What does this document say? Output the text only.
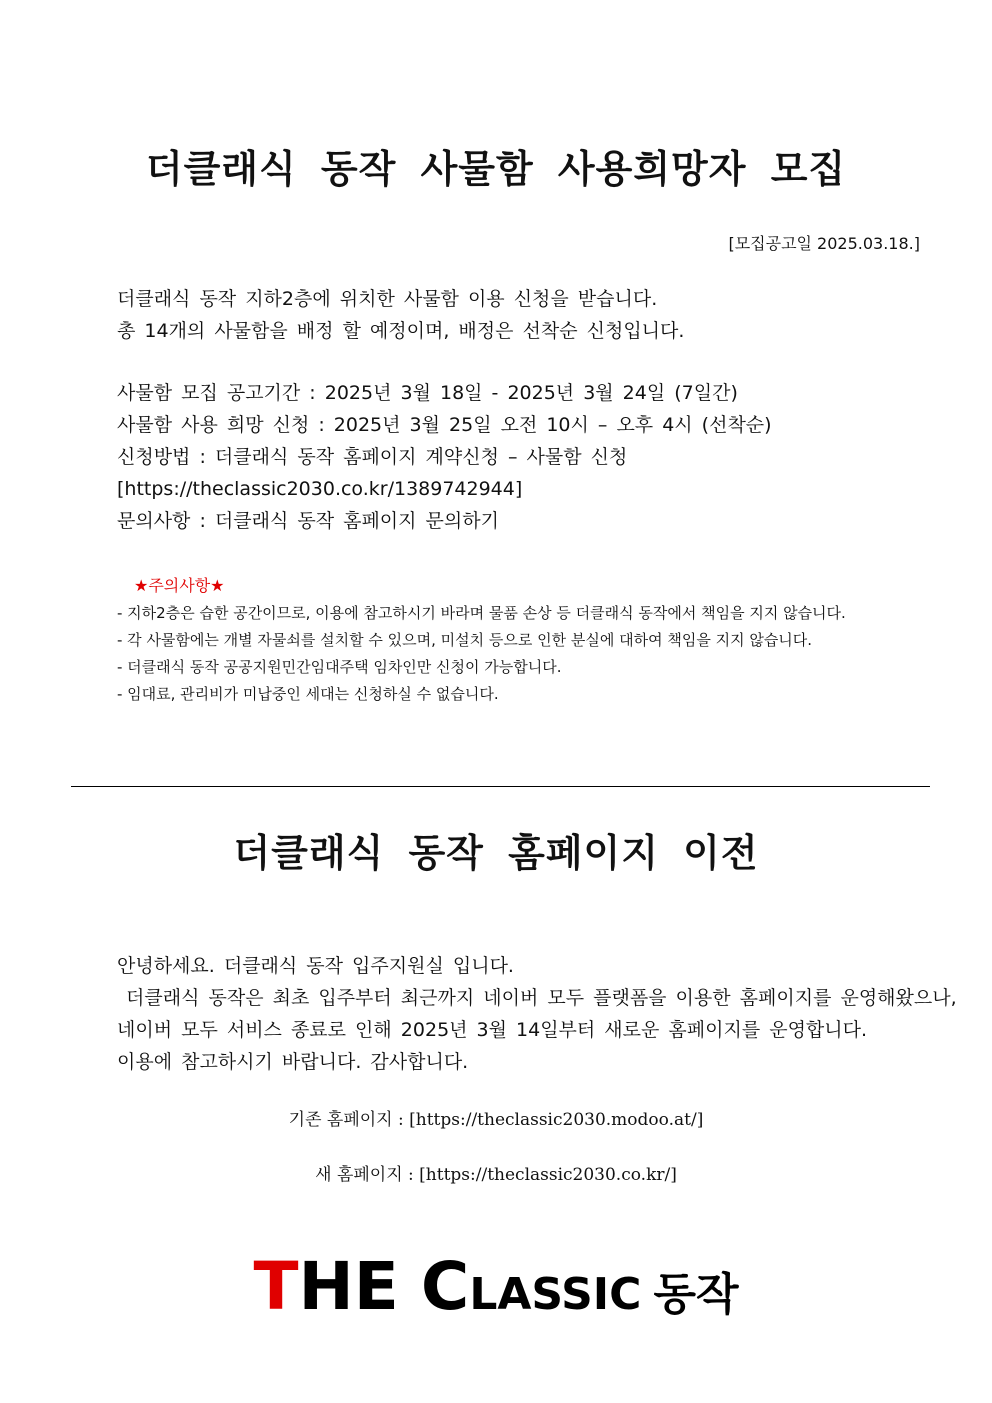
더클래식 동작 사물함 사용희망자 모집
[모집공고일 2025.03.18.]
더클래식 동작 지하2층에 위치한 사물함 이용 신청을 받습니다.
총 14개의 사물함을 배정 할 예정이며, 배정은 선착순 신청입니다.
사물함 모집 공고기간 : 2025년 3월 18일 - 2025년 3월 24일 (7일간)
사물함 사용 희망 신청 : 2025년 3월 25일 오전 10시 – 오후 4시 (선착순)
신청방법 : 더클래식 동작 홈페이지 계약신청 – 사물함 신청
[https://theclassic2030.co.kr/1389742944]
문의사항 : 더클래식 동작 홈페이지 문의하기
★주의사항★
- 지하2층은 습한 공간이므로, 이용에 참고하시기 바라며 물품 손상 등 더클래식 동작에서 책임을 지지 않습니다.
- 각 사물함에는 개별 자물쇠를 설치할 수 있으며, 미설치 등으로 인한 분실에 대하여 책임을 지지 않습니다.
- 더클래식 동작 공공지원민간임대주택 임차인만 신청이 가능합니다.
- 임대료, 관리비가 미납중인 세대는 신청하실 수 없습니다.
더클래식 동작 홈페이지 이전
안녕하세요. 더클래식 동작 입주지원실 입니다.
더클래식 동작은 최초 입주부터 최근까지 네이버 모두 플랫폼을 이용한 홈페이지를 운영해왔으나,
네이버 모두 서비스 종료로 인해 2025년 3월 14일부터 새로운 홈페이지를 운영합니다.
이용에 참고하시기 바랍니다. 감사합니다.
기존 홈페이지 : [https://theclassic2030.modoo.at/]
새 홈페이지 : [https://theclassic2030.co.kr/]
THE CLASSIC 동작
